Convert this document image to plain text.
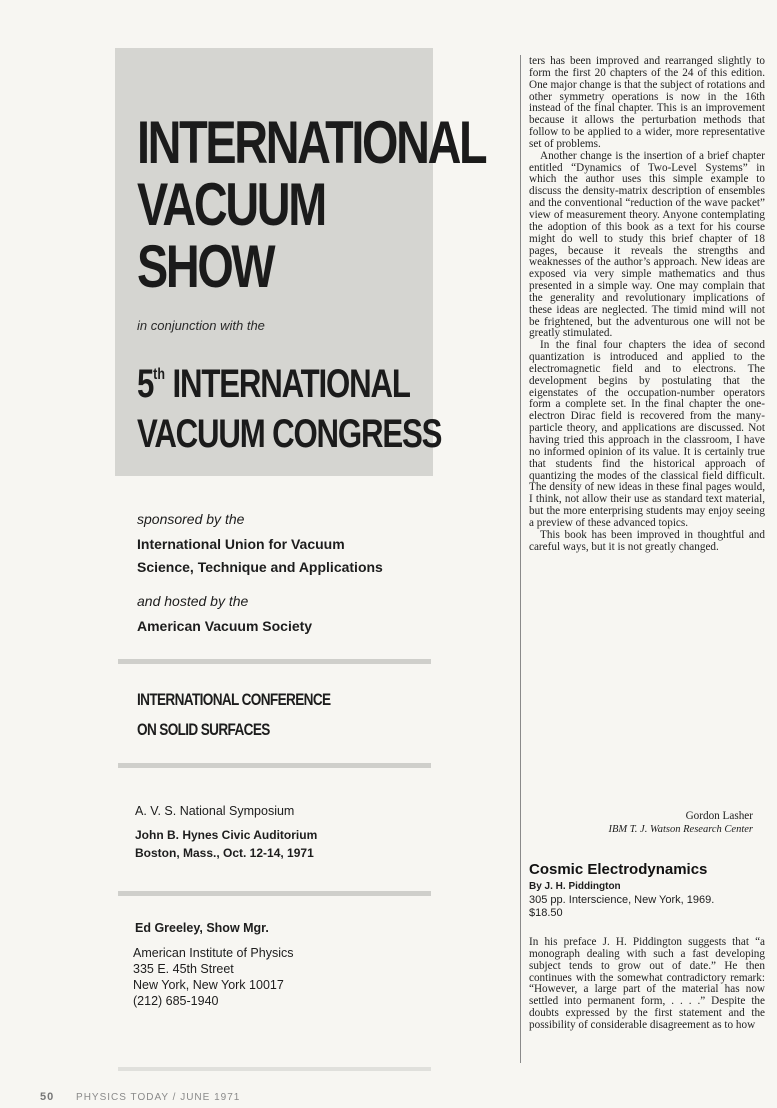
INTERNATIONAL
VACUUM
SHOW
in conjunction with the
5th INTERNATIONAL
VACUUM CONGRESS
sponsored by the
International Union for Vacuum
Science, Technique and Applications
and hosted by the
American Vacuum Society
INTERNATIONAL CONFERENCE
ON SOLID SURFACES
A. V. S. National Symposium
John B. Hynes Civic Auditorium
Boston, Mass., Oct. 12-14, 1971
Ed Greeley, Show Mgr.
American Institute of Physics
335 E. 45th Street
New York, New York 10017
(212) 685-1940
50 PHYSICS TODAY / JUNE 1971

ters has been improved and rearranged slightly to form the first 20 chapters of the 24 of this edition. One major change is that the subject of rotations and other symmetry operations is now in the 16th instead of the final chapter. This is an improvement because it allows the perturbation methods that follow to be applied to a wider, more representative set of problems.

Another change is the insertion of a brief chapter entitled “Dynamics of Two-Level Systems” in which the author uses this simple example to discuss the density-matrix description of ensembles and the conventional “reduction of the wave packet” view of measurement theory. Anyone contemplating the adoption of this book as a text for his course might do well to study this brief chapter of 18 pages, because it reveals the strengths and weaknesses of the author’s approach. New ideas are exposed via very simple mathematics and thus presented in a simple way. One may complain that the generality and revolutionary implications of these ideas are neglected. The timid mind will not be frightened, but the adventurous one will not be greatly stimulated.

In the final four chapters the idea of second quantization is introduced and applied to the electromagnetic field and to electrons. The development begins by postulating that the eigenstates of the occupation-number operators form a complete set. In the final chapter the one-electron Dirac field is recovered from the many-particle theory, and applications are discussed. Not having tried this approach in the classroom, I have no informed opinion of its value. It is certainly true that students find the historical approach of quantizing the modes of the classical field difficult. The density of new ideas in these final pages would, I think, not allow their use as standard text material, but the more enterprising students may enjoy seeing a preview of these advanced topics.

This book has been improved in thoughtful and careful ways, but it is not greatly changed.

Gordon Lasher
IBM T. J. Watson Research Center
Cosmic Electrodynamics
By J. H. Piddington
305 pp. Interscience, New York, 1969.
$18.50

In his preface J. H. Piddington suggests that “a monograph dealing with such a fast developing subject tends to grow out of date.” He then continues with the somewhat contradictory remark: “However, a large part of the material has now settled into permanent form, . . . .” Despite the doubts expressed by the first statement and the possibility of considerable disagreement as to how
